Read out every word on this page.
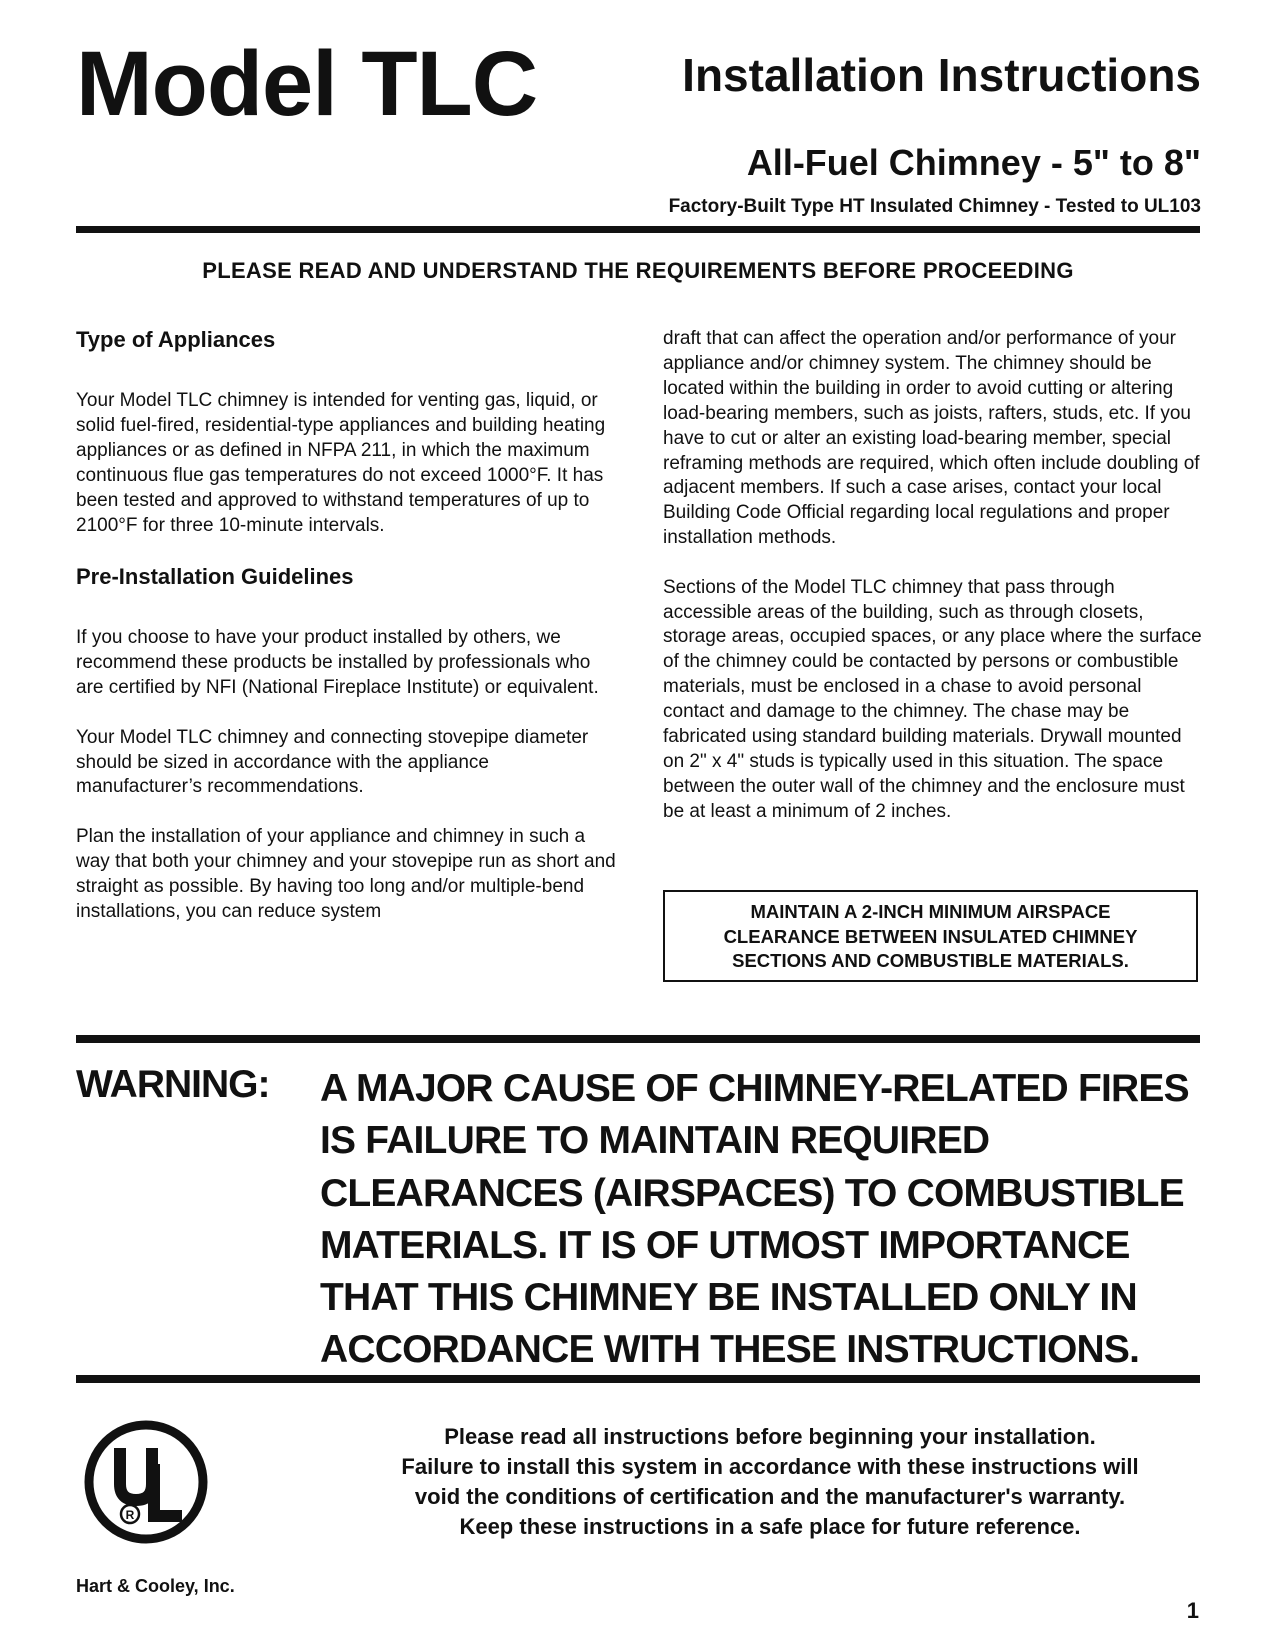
Model TLC	Installation Instructions
All-Fuel Chimney - 5" to 8"
Factory-Built Type HT Insulated Chimney - Tested to UL103
PLEASE READ AND UNDERSTAND THE REQUIREMENTS BEFORE PROCEEDING
Type of Appliances

Your Model TLC chimney is intended for venting gas, liquid, or solid fuel-fired, residential-type appliances and building heating appliances or as defined in NFPA 211, in which the maximum continuous flue gas temperatures do not exceed 1000°F. It has been tested and approved to withstand temperatures of up to 2100°F for three 10-minute intervals.

Pre-Installation Guidelines

If you choose to have your product installed by others, we recommend these products be installed by professionals who are certified by NFI (National Fireplace Institute) or equivalent.

Your Model TLC chimney and connecting stovepipe diameter should be sized in accordance with the appliance manufacturer’s recommendations.

Plan the installation of your appliance and chimney in such a way that both your chimney and your stovepipe run as short and straight as possible. By having too long and/or multiple-bend installations, you can reduce system

draft that can affect the operation and/or performance of your appliance and/or chimney system. The chimney should be located within the building in order to avoid cutting or altering load-bearing members, such as joists, rafters, studs, etc. If you have to cut or alter an existing load-bearing member, special reframing methods are required, which often include doubling of adjacent members. If such a case arises, contact your local Building Code Official regarding local regulations and proper installation methods.

Sections of the Model TLC chimney that pass through accessible areas of the building, such as through closets, storage areas, occupied spaces, or any place where the surface of the chimney could be contacted by persons or combustible materials, must be enclosed in a chase to avoid personal contact and damage to the chimney. The chase may be fabricated using standard building materials. Drywall mounted on 2" x 4" studs is typically used in this situation. The space between the outer wall of the chimney and the enclosure must be at least a minimum of 2 inches.

MAINTAIN A 2-INCH MINIMUM AIRSPACE
CLEARANCE BETWEEN INSULATED CHIMNEY
SECTIONS AND COMBUSTIBLE MATERIALS.
WARNING: A MAJOR CAUSE OF CHIMNEY-RELATED FIRES IS FAILURE TO MAINTAIN REQUIRED CLEARANCES (AIRSPACES) TO COMBUSTIBLE MATERIALS. IT IS OF UTMOST IMPORTANCE THAT THIS CHIMNEY BE INSTALLED ONLY IN ACCORDANCE WITH THESE INSTRUCTIONS.
R
Please read all instructions before beginning your installation.
Failure to install this system in accordance with these instructions will
void the conditions of certification and the manufacturer's warranty.
Keep these instructions in a safe place for future reference.
Hart & Cooley, Inc.
1
